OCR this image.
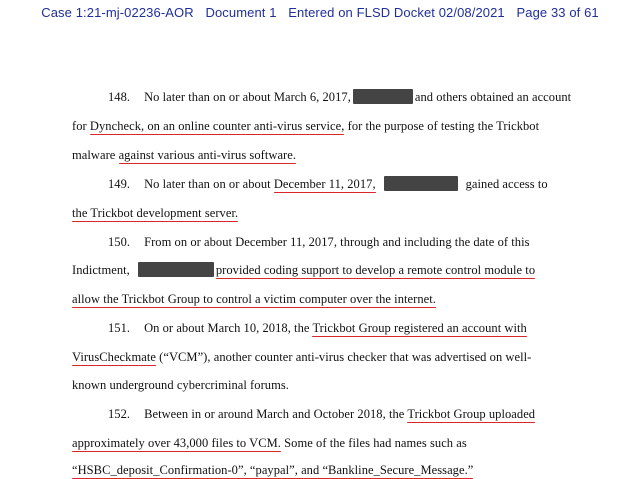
Case 1:21-mj-02236-AOR Document 1 Entered on FLSD Docket 02/08/2021 Page 33 of 61
148. No later than on or about March 6, 2017,	and others obtained an account
for Dyncheck, on an online counter anti-virus service, for the purpose of testing the Trickbot
malware against various anti-virus software.
149. No later than on or about December 11, 2017,	gained access to
the Trickbot development server.
150. From on or about December 11, 2017, through and including the date of this
Indictment,	provided coding support to develop a remote control module to
allow the Trickbot Group to control a victim computer over the internet.
151. On or about March 10, 2018, the Trickbot Group registered an account with
VirusCheckmate (“VCM”), another counter anti-virus checker that was advertised on well-
known underground cybercriminal forums.
152. Between in or around March and October 2018, the Trickbot Group uploaded
approximately over 43,000 files to VCM. Some of the files had names such as
“HSBC_deposit_Confirmation-0”, “paypal”, and “Bankline_Secure_Message.”
